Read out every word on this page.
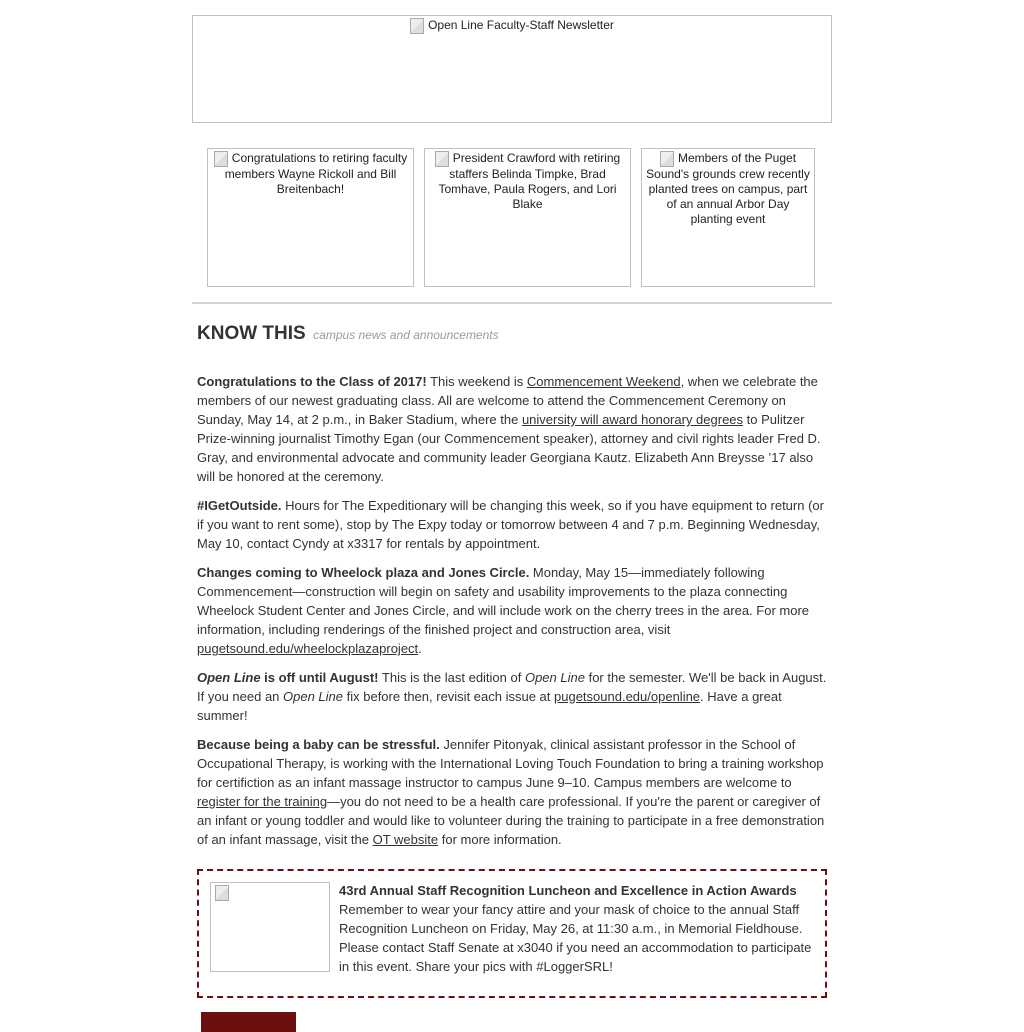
Open Line Faculty-Staff Newsletter
Congratulations to retiring faculty members Wayne Rickoll and Bill Breitenbach!
President Crawford with retiring staffers Belinda Timpke, Brad Tomhave, Paula Rogers, and Lori Blake
Members of the Puget Sound's grounds crew recently planted trees on campus, part of an annual Arbor Day planting event
KNOW THIS campus news and announcements

Congratulations to the Class of 2017! This weekend is Commencement Weekend, when we celebrate the members of our newest graduating class. All are welcome to attend the Commencement Ceremony on Sunday, May 14, at 2 p.m., in Baker Stadium, where the university will award honorary degrees to Pulitzer Prize-winning journalist Timothy Egan (our Commencement speaker), attorney and civil rights leader Fred D. Gray, and environmental advocate and community leader Georgiana Kautz. Elizabeth Ann Breysse ’17 also will be honored at the ceremony.

#IGetOutside. Hours for The Expeditionary will be changing this week, so if you have equipment to return (or if you want to rent some), stop by The Expy today or tomorrow between 4 and 7 p.m. Beginning Wednesday, May 10, contact Cyndy at x3317 for rentals by appointment.

Changes coming to Wheelock plaza and Jones Circle. Monday, May 15—immediately following Commencement—construction will begin on safety and usability improvements to the plaza connecting Wheelock Student Center and Jones Circle, and will include work on the cherry trees in the area. For more information, including renderings of the finished project and construction area, visit pugetsound.edu/wheelockplazaproject.

Open Line is off until August! This is the last edition of Open Line for the semester. We'll be back in August. If you need an Open Line fix before then, revisit each issue at pugetsound.edu/openline. Have a great summer!

Because being a baby can be stressful. Jennifer Pitonyak, clinical assistant professor in the School of Occupational Therapy, is working with the International Loving Touch Foundation to bring a training workshop for certifiction as an infant massage instructor to campus June 9–10. Campus members are welcome to register for the training—you do not need to be a health care professional. If you're the parent or caregiver of an infant or young toddler and would like to volunteer during the training to participate in a free demonstration of an infant massage, visit the OT website for more information.

43rd Annual Staff Recognition Luncheon and Excellence in Action Awards
Remember to wear your fancy attire and your mask of choice to the annual Staff Recognition Luncheon on Friday, May 26, at 11:30 a.m., in Memorial Fieldhouse. Please contact Staff Senate at x3040 if you need an accommodation to participate in this event. Share your pics with #LoggerSRL!
